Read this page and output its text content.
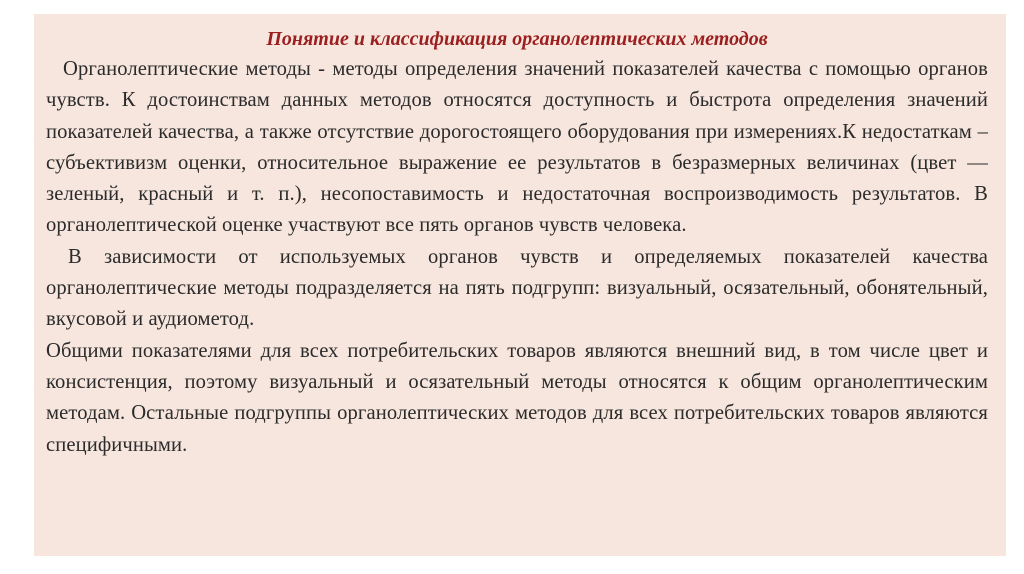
Понятие и классификация органолептических методов

Органолептические методы - методы определения значений показателей качества с помощью органов чувств. К достоинствам данных методов относятся доступность и быстрота определения значений показателей качества, а также отсутствие дорогостоящего оборудования при измерениях.К недостаткам – субъективизм оценки, относительное выражение ее результатов в безразмерных величинах (цвет — зеленый, красный и т. п.), несопоставимость и недостаточная воспроизводимость результатов. В органолептической оценке участвуют все пять органов чувств человека.

В зависимости от используемых органов чувств и определяемых показателей качества органолептические методы подразделяется на пять подгрупп: визуальный, осязательный, обонятельный, вкусовой и аудиометод.

Общими показателями для всех потребительских товаров являются внешний вид, в том числе цвет и консистенция, поэтому визуальный и осязательный методы относятся к общим органолептическим методам. Остальные подгруппы органолептических методов для всех потребительских товаров являются специфичными.
